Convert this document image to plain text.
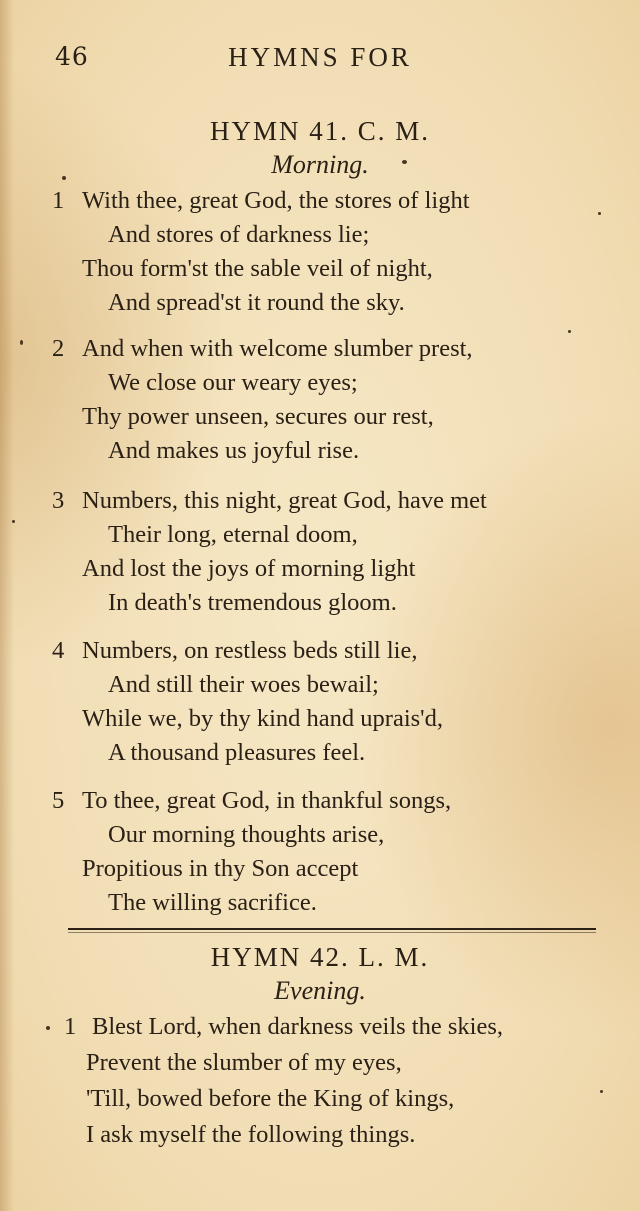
46	HYMNS FOR
HYMN 41. C. M.
Morning.
1 With thee, great God, the stores of light
And stores of darkness lie;
Thou form'st the sable veil of night,
And spread'st it round the sky.
2 And when with welcome slumber prest,
We close our weary eyes;
Thy power unseen, secures our rest,
And makes us joyful rise.
3 Numbers, this night, great God, have met
Their long, eternal doom,
And lost the joys of morning light
In death's tremendous gloom.
4 Numbers, on restless beds still lie,
And still their woes bewail;
While we, by thy kind hand uprais'd,
A thousand pleasures feel.
5 To thee, great God, in thankful songs,
Our morning thoughts arise,
Propitious in thy Son accept
The willing sacrifice.
HYMN 42. L. M.
Evening.
1 Blest Lord, when darkness veils the skies,
Prevent the slumber of my eyes,
'Till, bowed before the King of kings,
I ask myself the following things.
